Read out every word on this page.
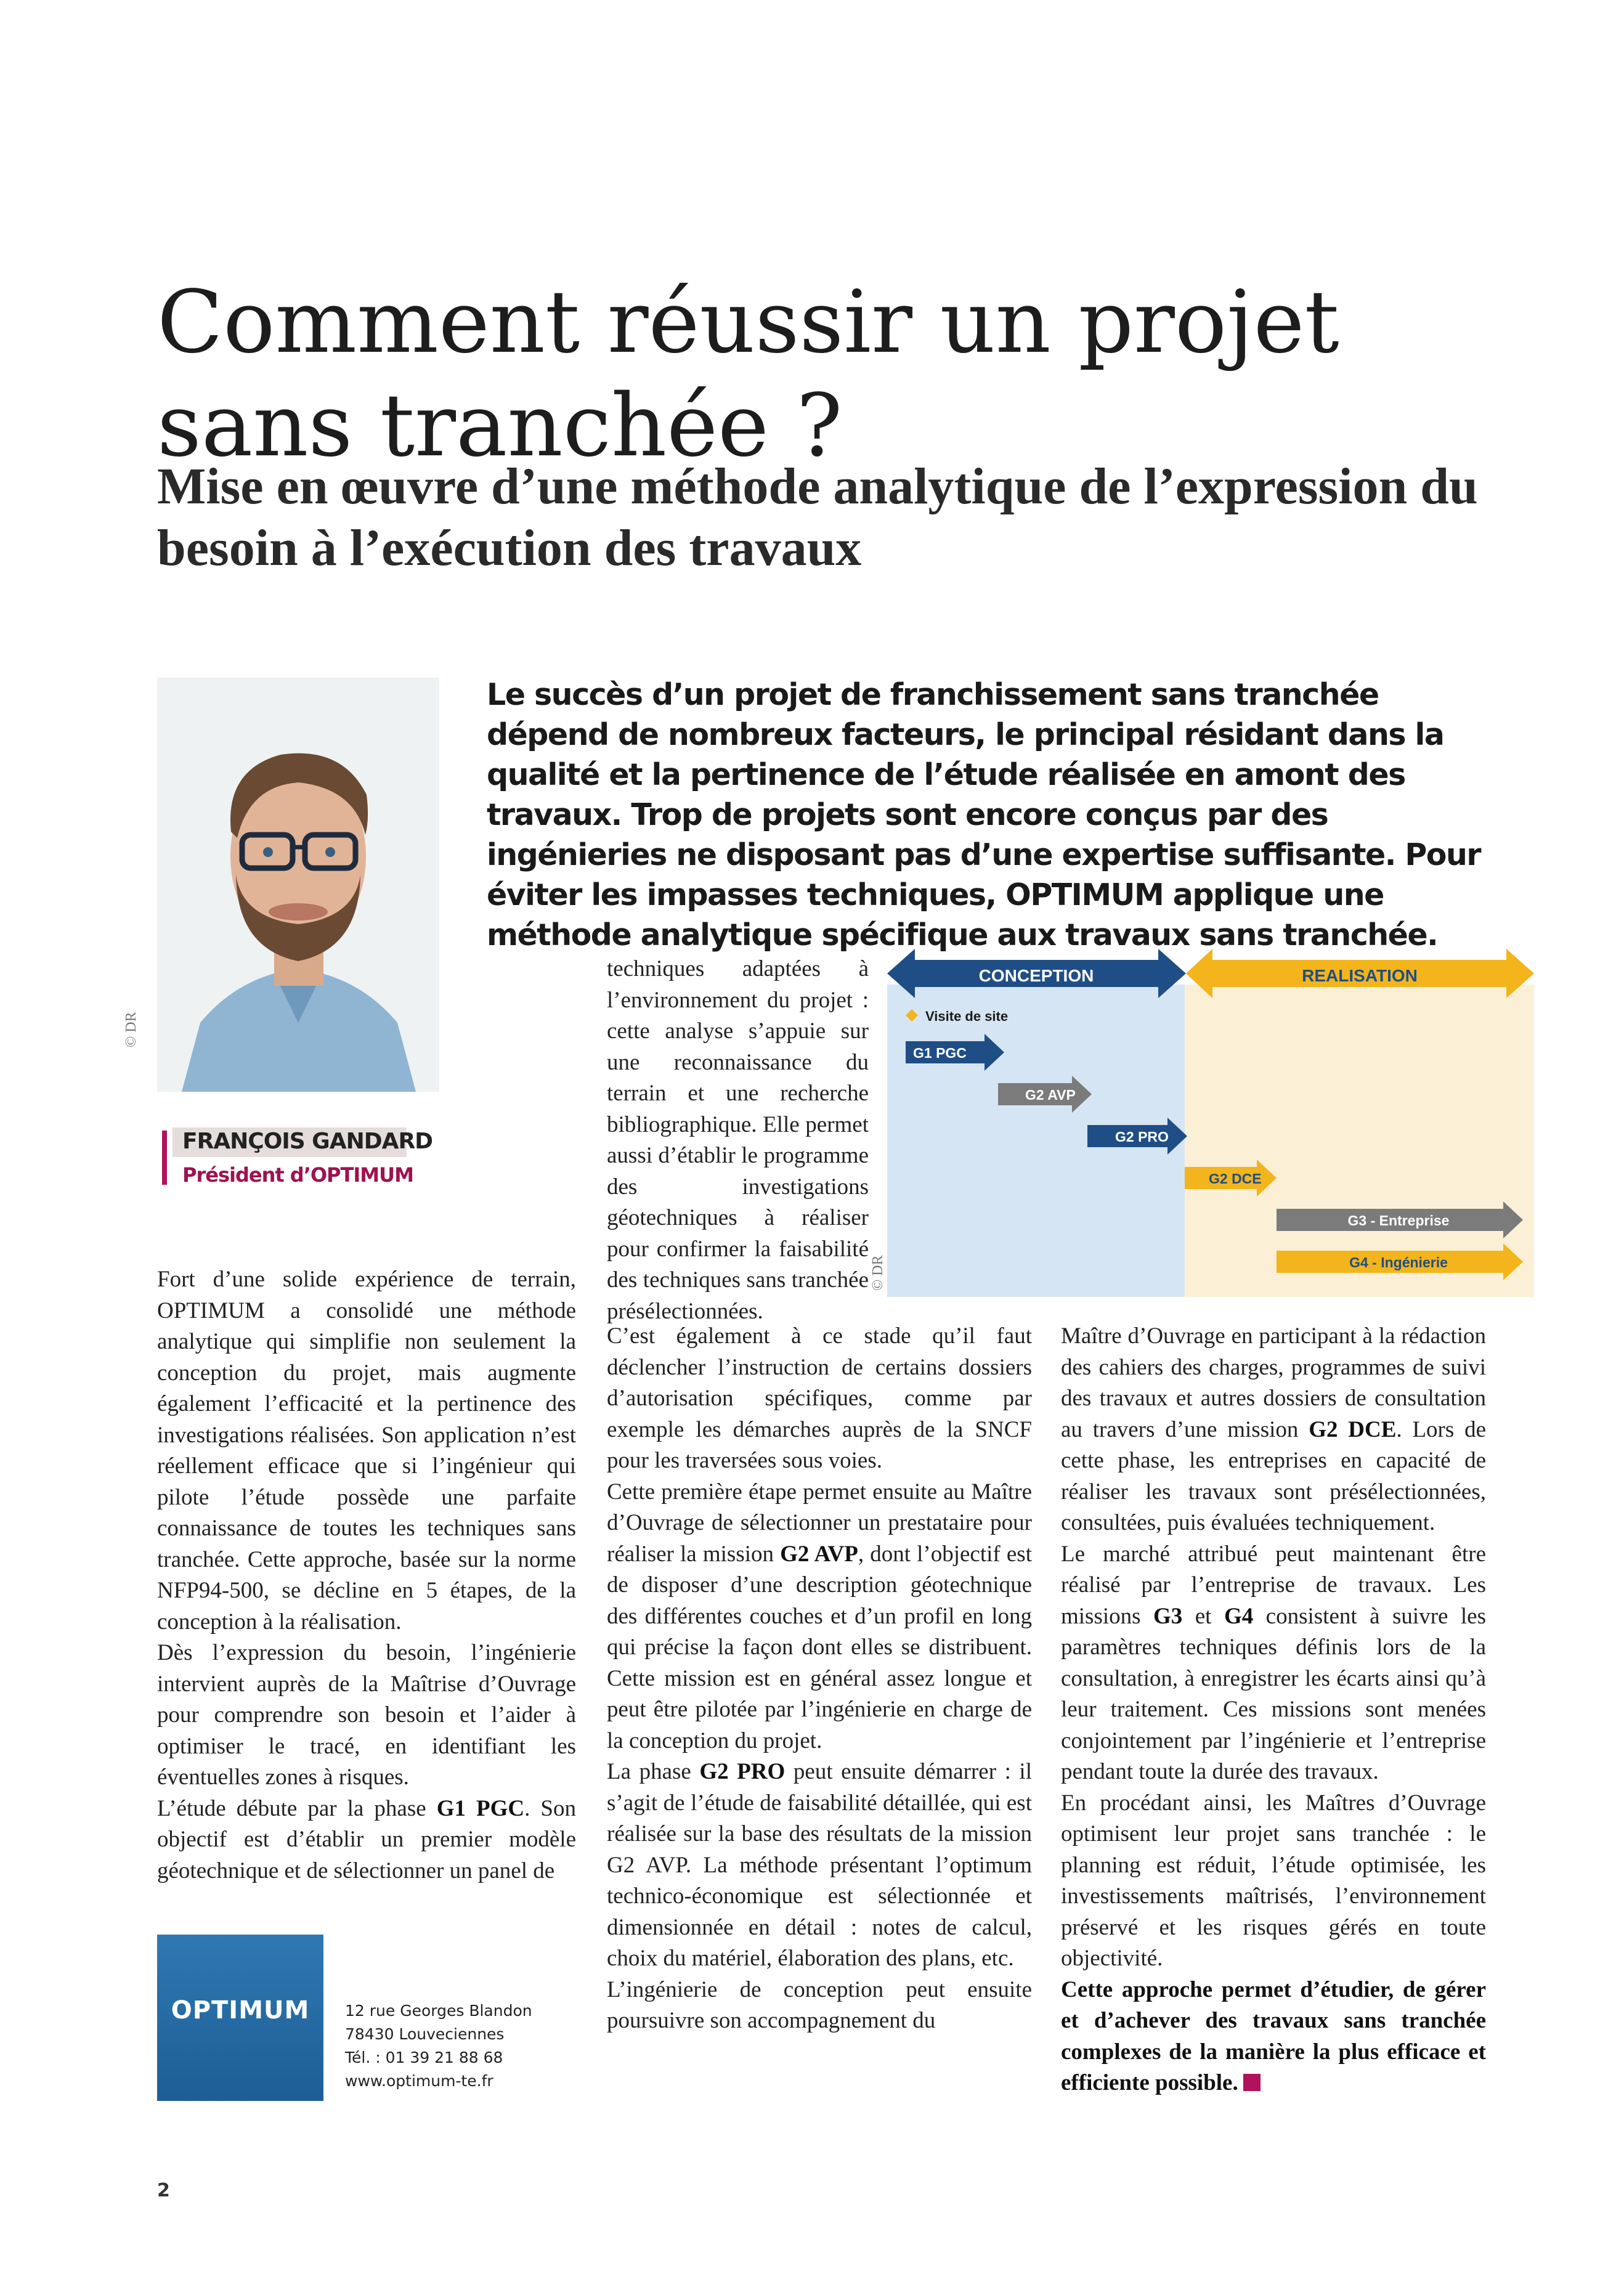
Comment réussir un projet sans tranchée ?
Mise en œuvre d’une méthode analytique de l’expression du besoin à l’exécution des travaux
© DR
FRANÇOIS GANDARD
Président d’OPTIMUM

Le succès d’un projet de franchissement sans tranchée dépend de nombreux facteurs, le principal résidant dans la qualité et la pertinence de l’étude réalisée en amont des travaux. Trop de projets sont encore conçus par des ingénieries ne disposant pas d’une expertise suffisante. Pour éviter les impasses techniques, OPTIMUM applique une méthode analytique spécifique aux travaux sans tranchée.

CONCEPTION	REALISATION
Visite de site
G1 PGC
G2 AVP
G2 PRO
G2 DCE
G3 - Entreprise
G4 - Ingénierie
© DR

Fort d’une solide expérience de terrain, OPTIMUM a consolidé une méthode analytique qui simplifie non seulement la conception du projet, mais augmente également l’efficacité et la pertinence des investigations réalisées. Son application n’est réellement efficace que si l’ingénieur qui pilote l’étude possède une parfaite connaissance de toutes les techniques sans tranchée. Cette approche, basée sur la norme NFP94-500, se décline en 5 étapes, de la conception à la réalisation.

Dès l’expression du besoin, l’ingénierie intervient auprès de la Maîtrise d’Ouvrage pour comprendre son besoin et l’aider à optimiser le tracé, en identifiant les éventuelles zones à risques.

L’étude débute par la phase G1 PGC. Son objectif est d’établir un premier modèle géotechnique et de sélectionner un panel de

techniques adaptées à l’environnement du projet : cette analyse s’appuie sur une reconnaissance du terrain et une recherche bibliographique. Elle permet aussi d’établir le programme des investigations géotechniques à réaliser pour confirmer la faisabilité des techniques sans tranchée présélectionnées.

C’est également à ce stade qu’il faut déclencher l’instruction de certains dossiers d’autorisation spécifiques, comme par exemple les démarches auprès de la SNCF pour les traversées sous voies.

Cette première étape permet ensuite au Maître d’Ouvrage de sélectionner un prestataire pour réaliser la mission G2 AVP, dont l’objectif est de disposer d’une description géotechnique des différentes couches et d’un profil en long qui précise la façon dont elles se distribuent. Cette mission est en général assez longue et peut être pilotée par l’ingénierie en charge de la conception du projet.

La phase G2 PRO peut ensuite démarrer : il s’agit de l’étude de faisabilité détaillée, qui est réalisée sur la base des résultats de la mission G2 AVP. La méthode présentant l’optimum technico-économique est sélectionnée et dimensionnée en détail : notes de calcul, choix du matériel, élaboration des plans, etc.

L’ingénierie de conception peut ensuite poursuivre son accompagnement du

Maître d’Ouvrage en participant à la rédaction des cahiers des charges, programmes de suivi des travaux et autres dossiers de consultation au travers d’une mission G2 DCE. Lors de cette phase, les entreprises en capacité de réaliser les travaux sont présélectionnées, consultées, puis évaluées techniquement.

Le marché attribué peut maintenant être réalisé par l’entreprise de travaux. Les missions G3 et G4 consistent à suivre les paramètres techniques définis lors de la consultation, à enregistrer les écarts ainsi qu’à leur traitement. Ces missions sont menées conjointement par l’ingénierie et l’entreprise pendant toute la durée des travaux.

En procédant ainsi, les Maîtres d’Ouvrage optimisent leur projet sans tranchée : le planning est réduit, l’étude optimisée, les investissements maîtrisés, l’environnement préservé et les risques gérés en toute objectivité.

Cette approche permet d’étudier, de gérer et d’achever des travaux sans tranchée complexes de la manière la plus efficace et efficiente possible.

OPTIMUM	12 rue Georges Blandon
78430 Louveciennes
Tél. : 01 39 21 88 68
www.optimum-te.fr
2
